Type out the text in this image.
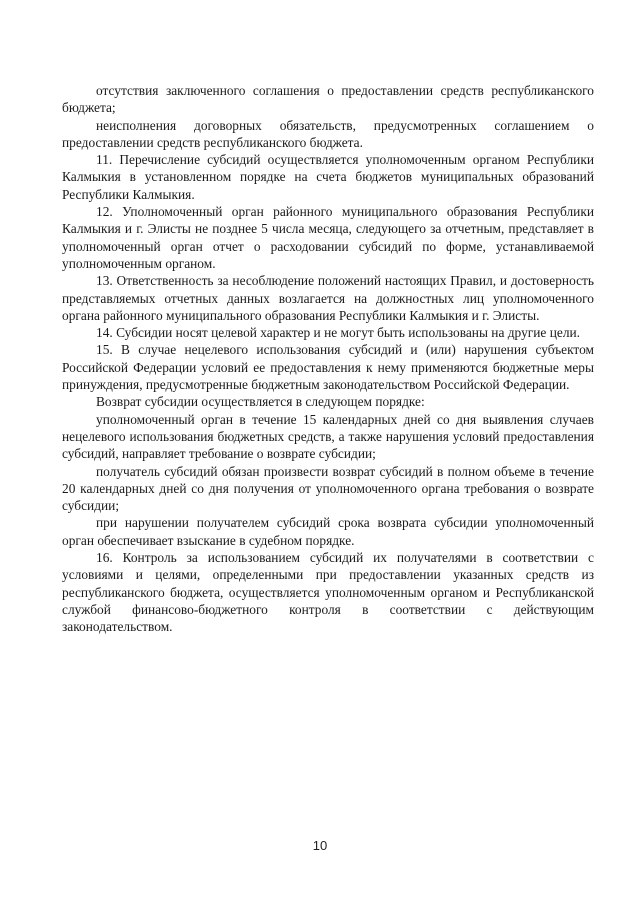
отсутствия заключенного соглашения о предоставлении средств республиканского бюджета;

неисполнения договорных обязательств, предусмотренных соглашением о предоставлении средств республиканского бюджета.

11. Перечисление субсидий осуществляется уполномоченным органом Республики Калмыкия в установленном порядке на счета бюджетов муниципальных образований Республики Калмыкия.

12. Уполномоченный орган районного муниципального образования Республики Калмыкия и г. Элисты не позднее 5 числа месяца, следующего за отчетным, представляет в уполномоченный орган отчет о расходовании субсидий по форме, устанавливаемой уполномоченным органом.

13. Ответственность за несоблюдение положений настоящих Правил, и достоверность представляемых отчетных данных возлагается на должностных лиц уполномоченного органа районного муниципального образования Республики Калмыкия и г. Элисты.

14. Субсидии носят целевой характер и не могут быть использованы на другие цели.

15. В случае нецелевого использования субсидий и (или) нарушения субъектом Российской Федерации условий ее предоставления к нему применяются бюджетные меры принуждения, предусмотренные бюджетным законодательством Российской Федерации.

Возврат субсидии осуществляется в следующем порядке:

уполномоченный орган в течение 15 календарных дней со дня выявления случаев нецелевого использования бюджетных средств, а также нарушения условий предоставления субсидий, направляет требование о возврате субсидии;

получатель субсидий обязан произвести возврат субсидий в полном объеме в течение 20 календарных дней со дня получения от уполномоченного органа требования о возврате субсидии;

при нарушении получателем субсидий срока возврата субсидии уполномоченный орган обеспечивает взыскание в судебном порядке.

16. Контроль за использованием субсидий их получателями в соответствии с условиями и целями, определенными при предоставлении указанных средств из республиканского бюджета, осуществляется уполномоченным органом и Республиканской службой финансово-бюджетного контроля в соответствии с действующим законодательством.

10
